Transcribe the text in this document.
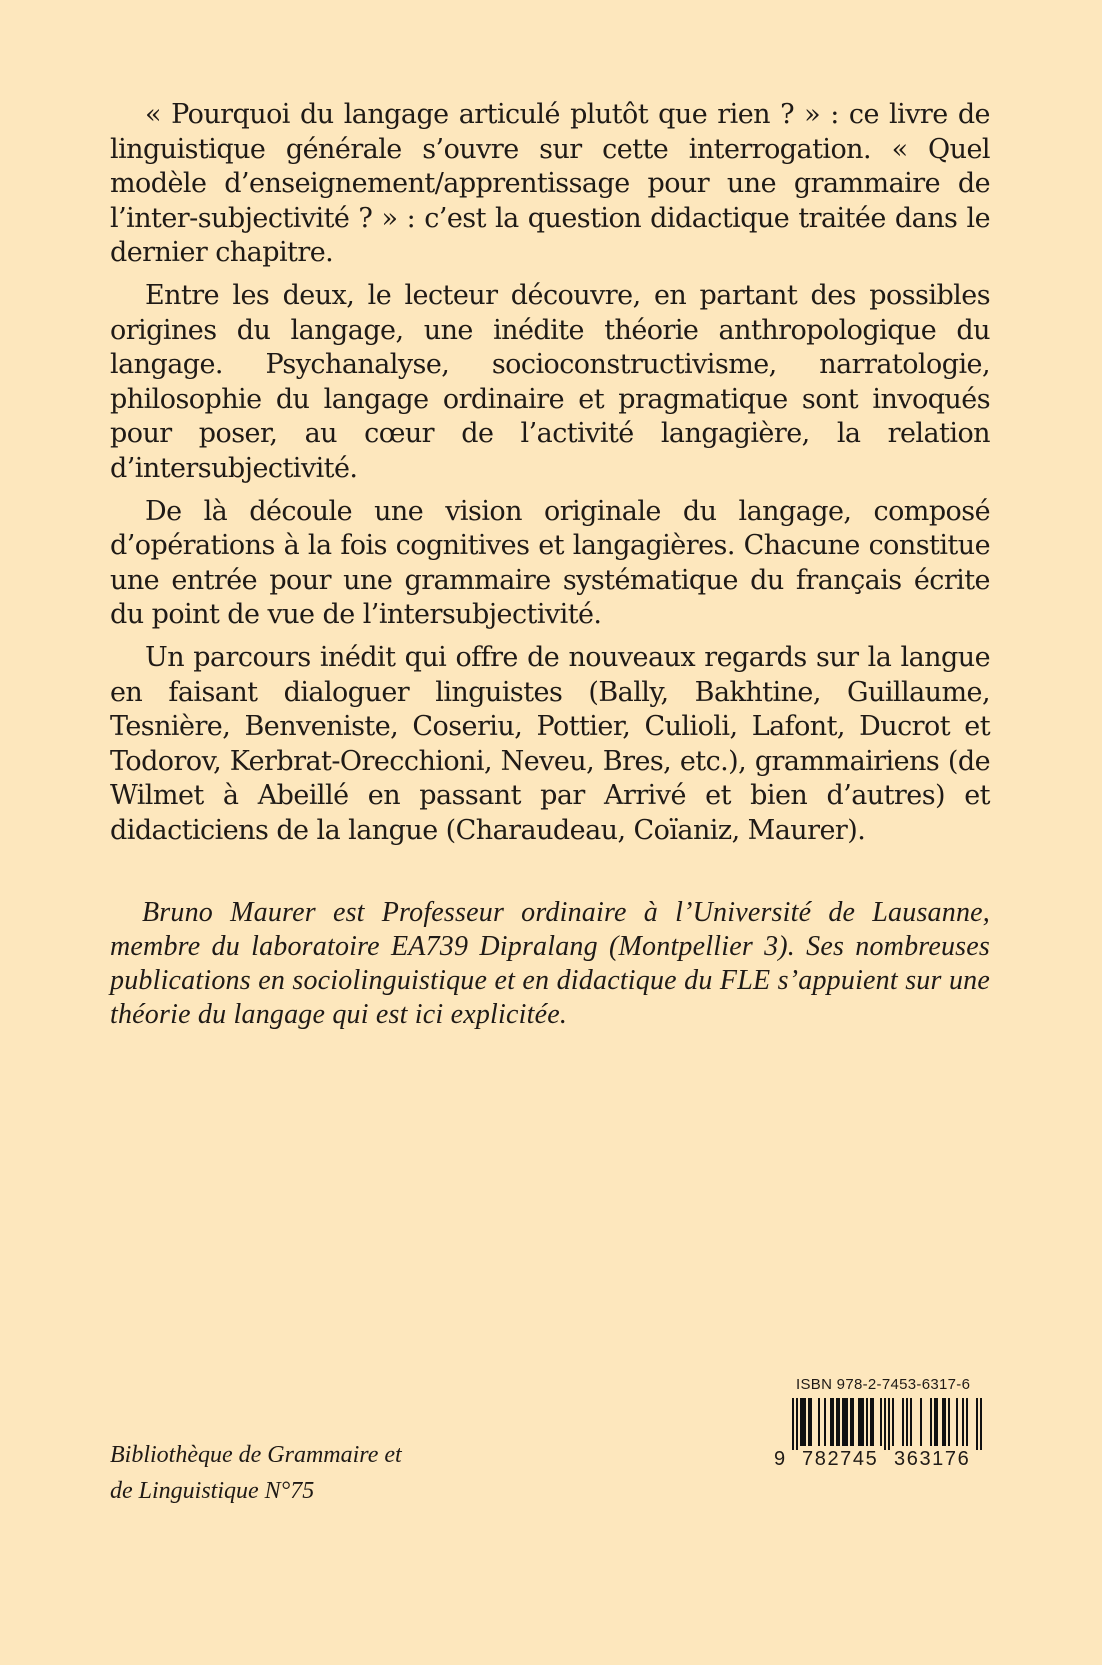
« Pourquoi du langage articulé plutôt que rien ? » : ce livre de linguistique générale s’ouvre sur cette interrogation. « Quel modèle d’enseignement/apprentissage pour une grammaire de l’inter-subjectivité ? » : c’est la question didactique traitée dans le dernier chapitre.

Entre les deux, le lecteur découvre, en partant des possibles origines du langage, une inédite théorie anthropologique du langage. Psychanalyse, socioconstructivisme, narratologie, philosophie du langage ordinaire et pragmatique sont invoqués pour poser, au cœur de l’activité langagière, la relation d’intersubjectivité.

De là découle une vision originale du langage, composé d’opérations à la fois cognitives et langagières. Chacune constitue une entrée pour une grammaire systématique du français écrite du point de vue de l’intersubjectivité.

Un parcours inédit qui offre de nouveaux regards sur la langue en faisant dialoguer linguistes (Bally, Bakhtine, Guillaume, Tesnière, Benveniste, Coseriu, Pottier, Culioli, Lafont, Ducrot et Todorov, Kerbrat-Orecchioni, Neveu, Bres, etc.), grammairiens (de Wilmet à Abeillé en passant par Arrivé et bien d’autres) et didacticiens de la langue (Charaudeau, Coïaniz, Maurer).

Bruno Maurer est Professeur ordinaire à l’Université de Lausanne, membre du laboratoire EA739 Dipralang (Montpellier 3). Ses nombreuses publications en sociolinguistique et en didactique du FLE s’appuient sur une théorie du langage qui est ici explicitée.
Bibliothèque de Grammaire et
de Linguistique N°75
ISBN 978-2-7453-6317-6
9 782745 363176
